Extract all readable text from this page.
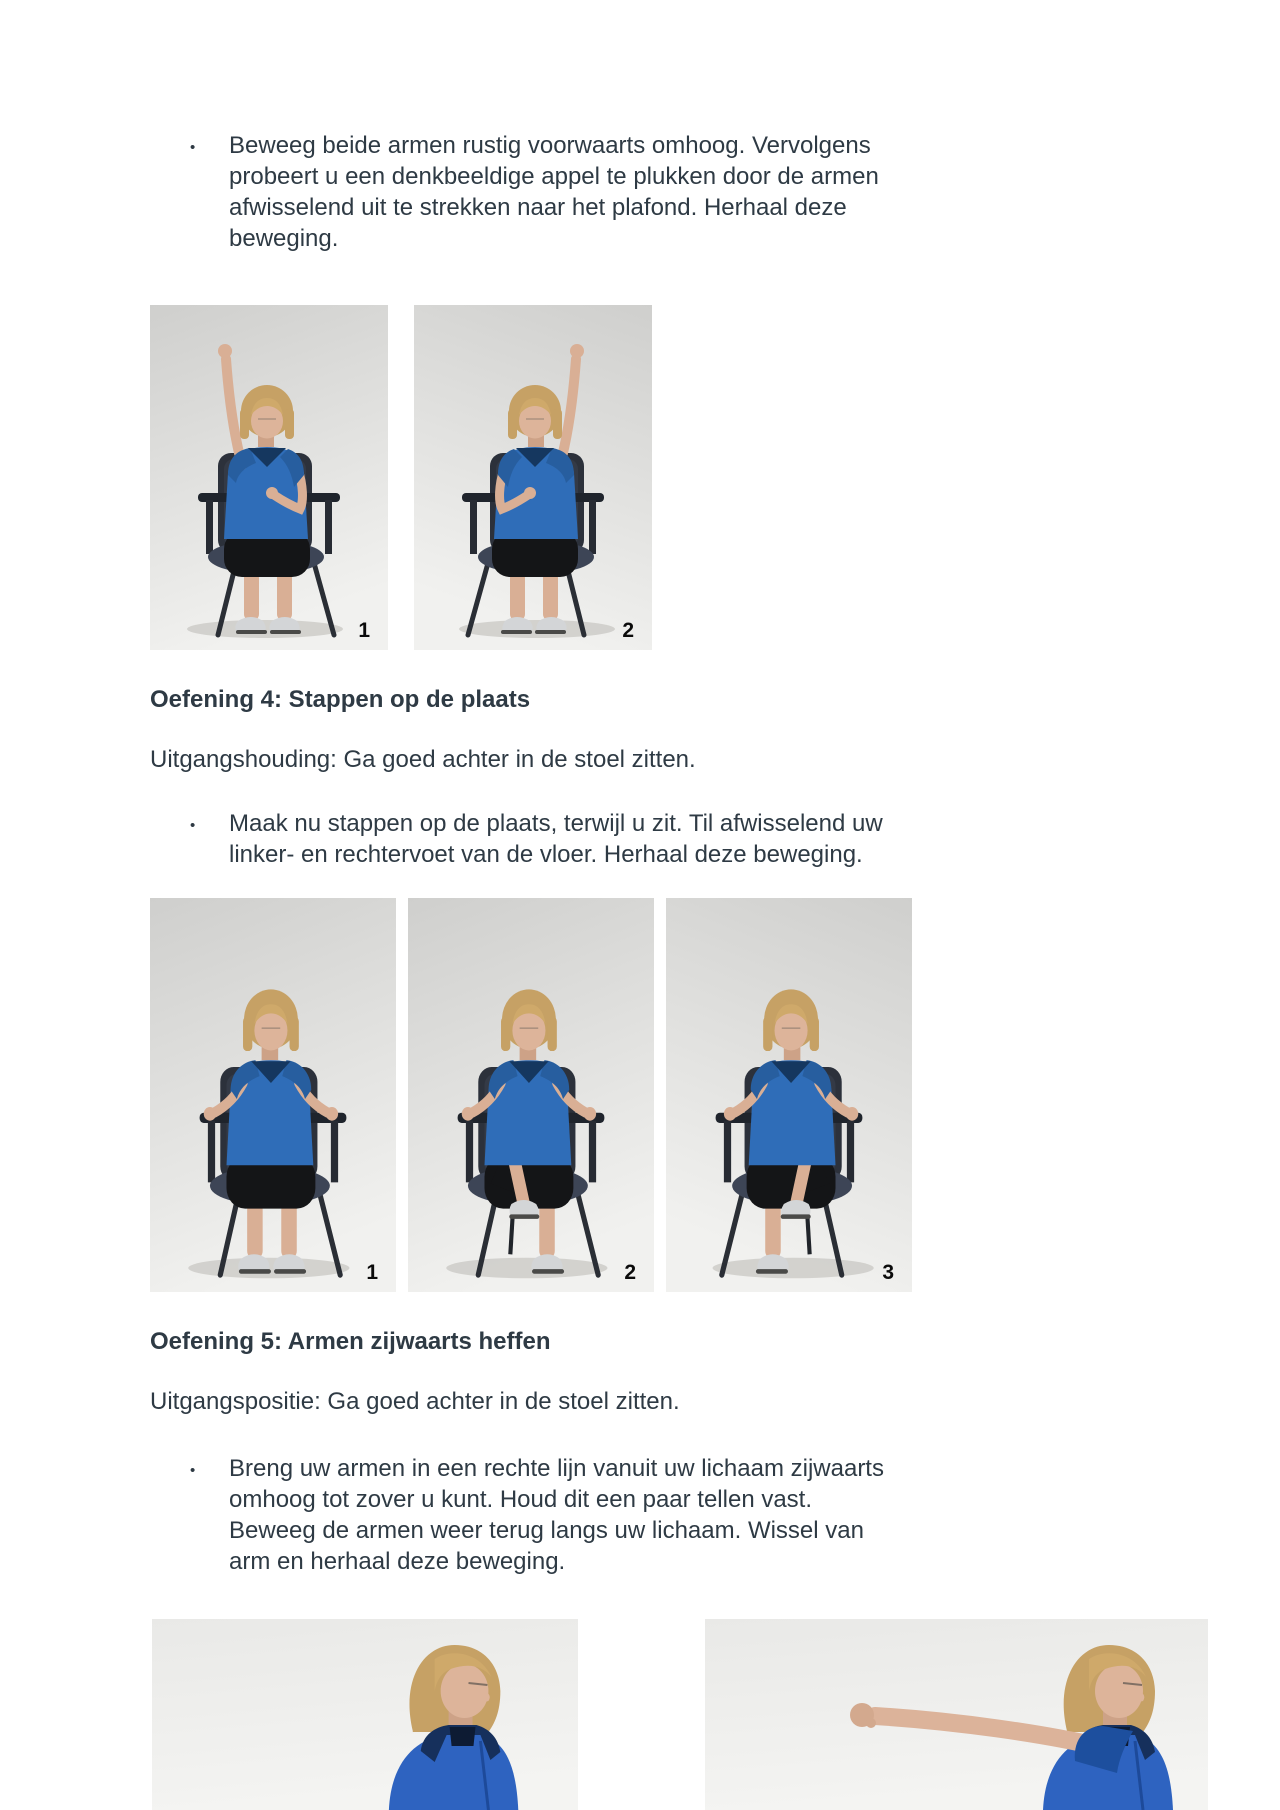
• Beweeg beide armen rustig voorwaarts omhoog. Vervolgens
probeert u een denkbeeldige appel te plukken door de armen
afwisselend uit te strekken naar het plafond. Herhaal deze
beweging.
1	2
Oefening 4: Stappen op de plaats
Uitgangshouding: Ga goed achter in de stoel zitten.
• Maak nu stappen op de plaats, terwijl u zit. Til afwisselend uw
linker- en rechtervoet van de vloer. Herhaal deze beweging.
1	2	3
Oefening 5: Armen zijwaarts heffen
Uitgangspositie: Ga goed achter in de stoel zitten.
• Breng uw armen in een rechte lijn vanuit uw lichaam zijwaarts
omhoog tot zover u kunt. Houd dit een paar tellen vast.
Beweeg de armen weer terug langs uw lichaam. Wissel van
arm en herhaal deze beweging.
